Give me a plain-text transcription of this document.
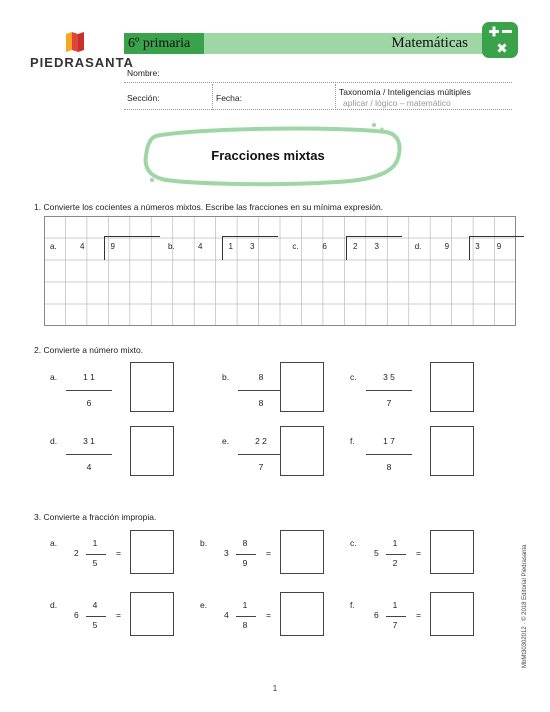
PIEDRASANTA
6º primaria	Matemáticas
Nombre:
Sección:	Fecha:
Taxonomía / Inteligencias múltiples
aplicar / lógico – matemático
Fracciones mixtas
1. Convierte los cocientes a números mixtos. Escribe las fracciones en su mínima expresión.
a.	4	9	b.	4	1	3	c.	6	2	3	d.	9	3	9
2. Convierte a número mixto.
a.	1 1
6
b.	8
8
c.	3 5
7
d.	3 1
4
e.	2 2
7
f.	1 7
8
3. Convierte a fracción impropia.
a.
2
1
5
=
b.
3
8
9
=
c.
5
1
2
=
d.
6
4
5
=
e.
4
1
8
=
f.
6
1
7
=	MbMt30302012 · © 2018 Editorial Piedrasanta
1
